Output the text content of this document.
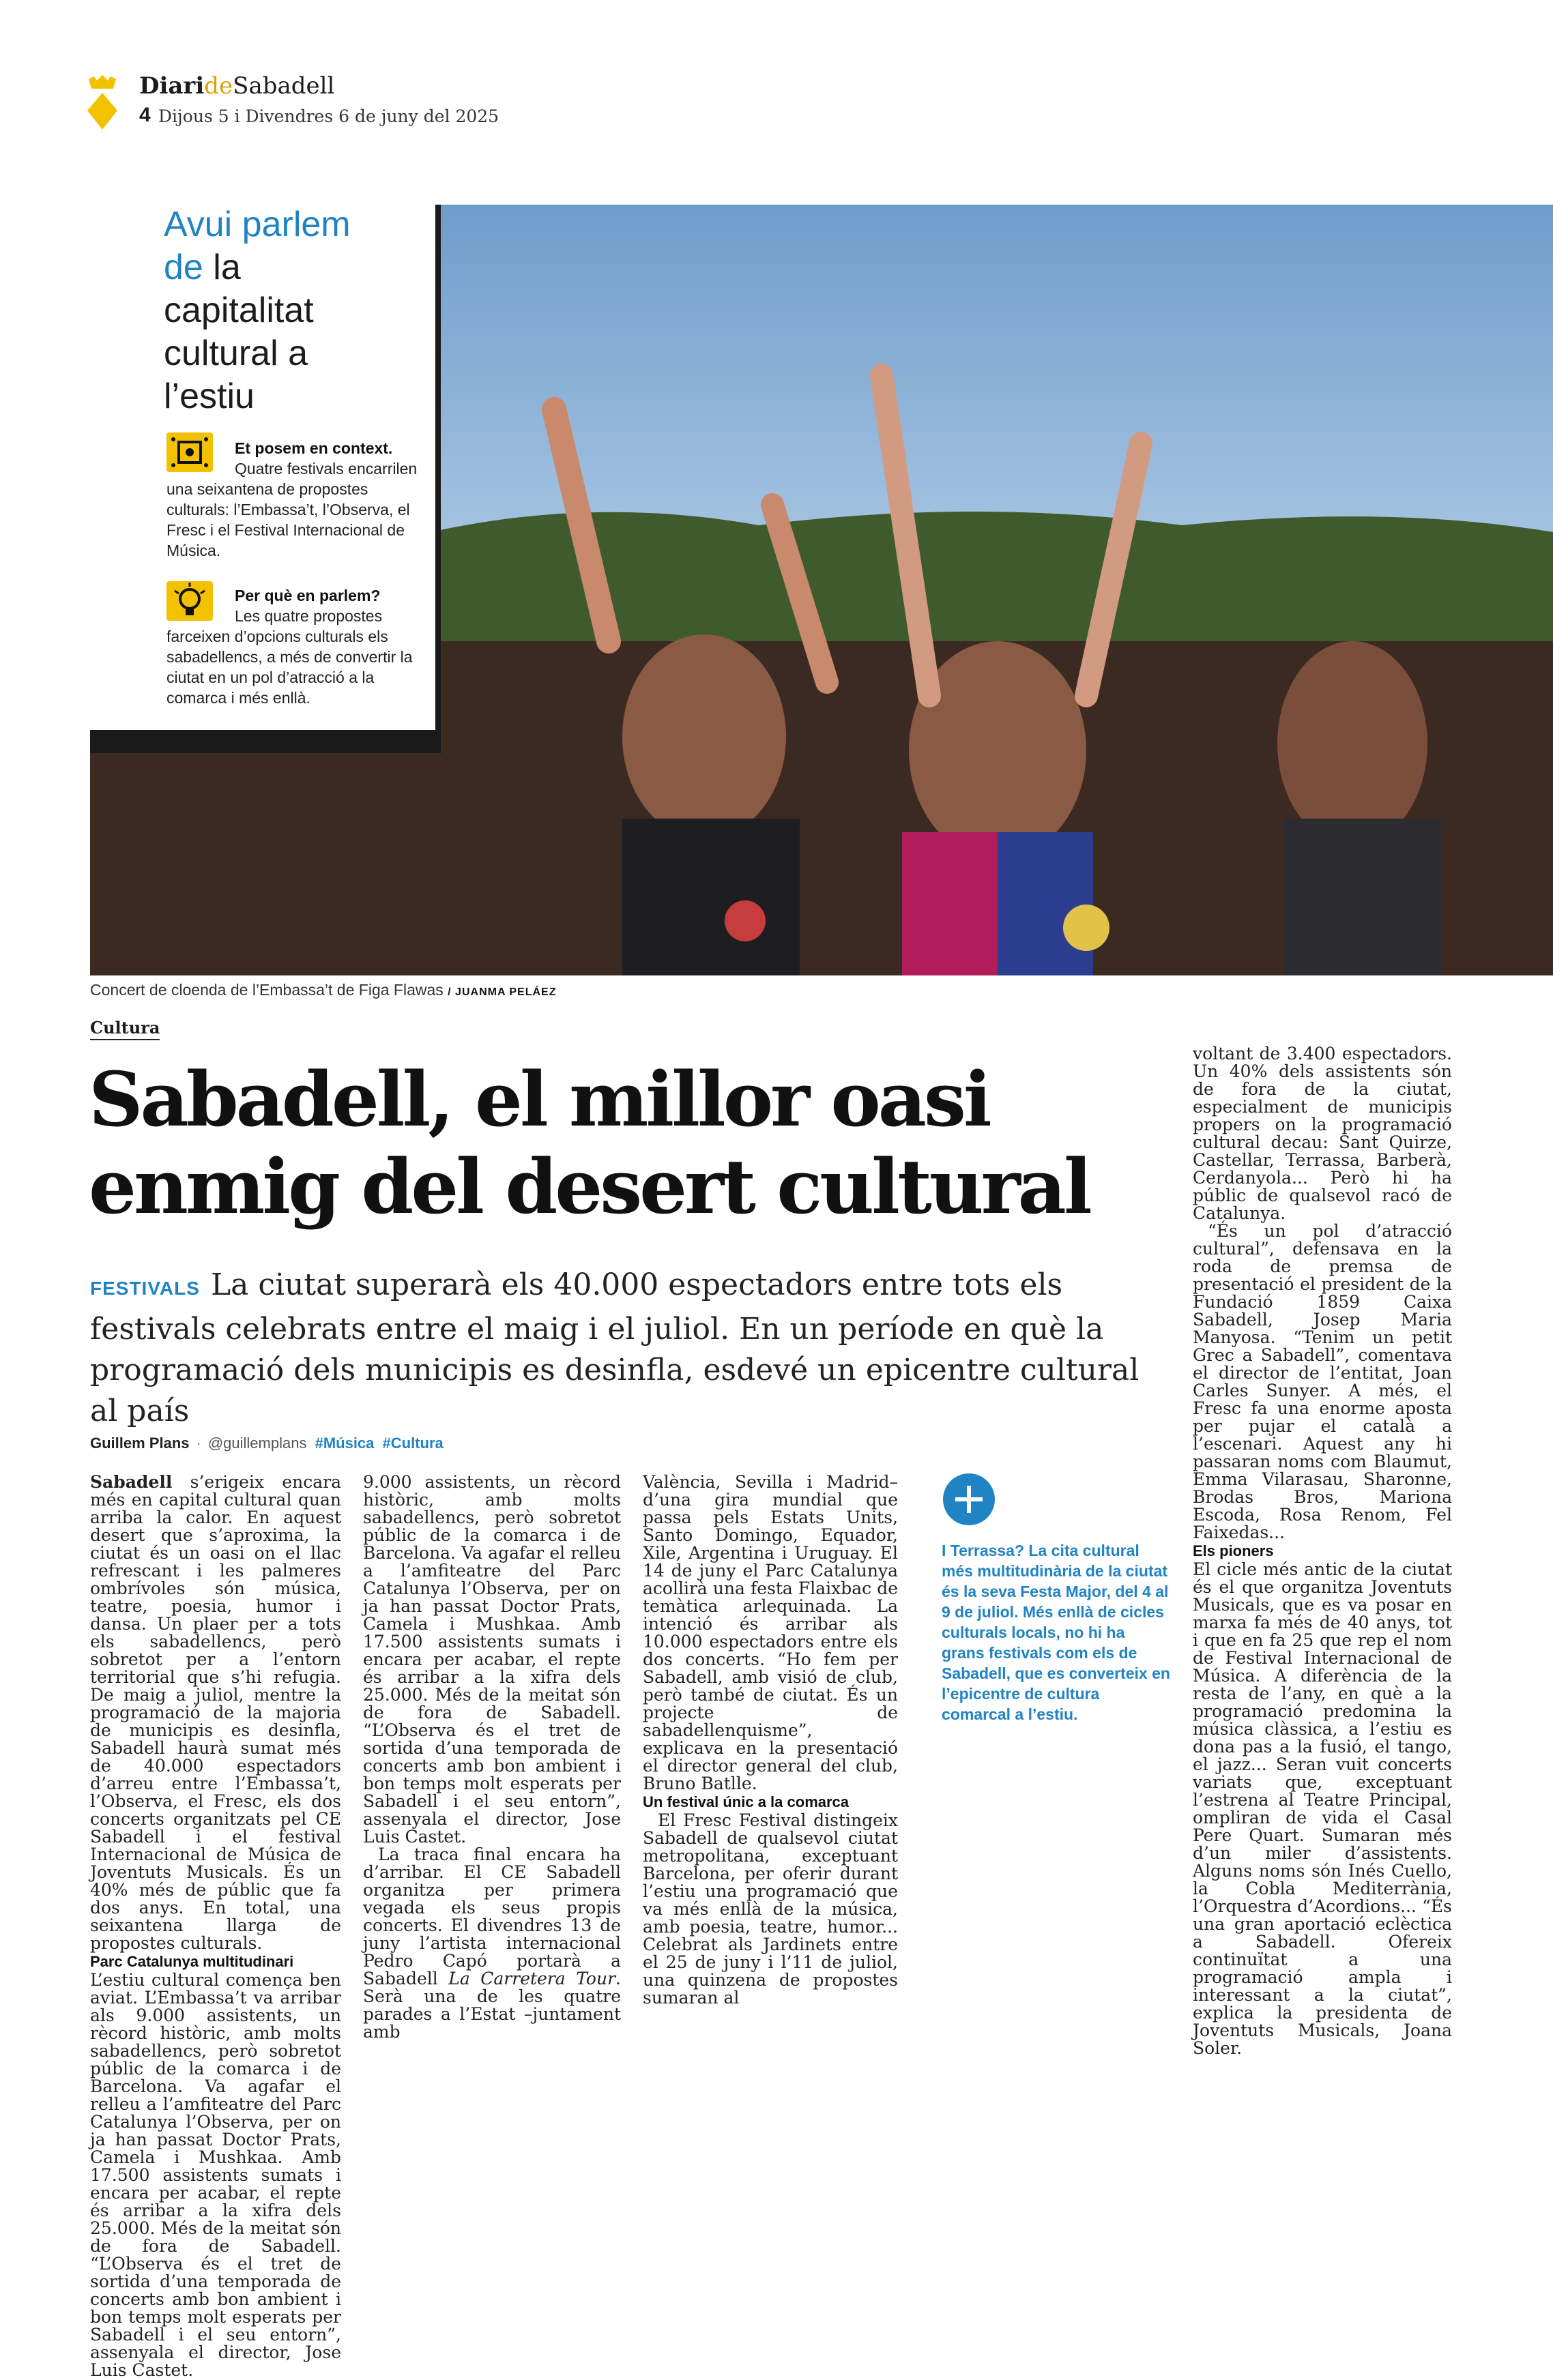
DiarideSabadell
4 Dijous 5 i Divendres 6 de juny del 2025
Avui parlem
de la
capitalitat
cultural a
l’estiu
Et posem en context. Quatre festivals encarrilen una seixantena de propostes culturals: l’Embassa’t, l’Observa, el Fresc i el Festival Internacional de Música.
Per què en parlem? Les quatre propostes farceixen d’opcions culturals els sabadellencs, a més de convertir la ciutat en un pol d’atracció a la comarca i més enllà.
Concert de cloenda de l’Embassa’t de Figa Flawas / JUANMA PELÁEZ
Cultura
Sabadell, el millor oasi
enmig del desert cultural
FESTIVALS La ciutat superarà els 40.000 espectadors entre tots els festivals celebrats entre el maig i el juliol. En un període en què la programació dels municipis es desinfla, esdevé un epicentre cultural al país
Guillem Plans · @guillemplans #Música #Cultura

Sabadell s’erigeix encara més en capital cultural quan arriba la calor. En aquest desert que s’aproxima, la ciutat és un oasi on el llac refrescant i les palmeres ombrívoles són música, teatre, poesia, humor i dansa. Un plaer per a tots els sabadellencs, però sobretot per a l’entorn territorial que s’hi refugia. De maig a juliol, mentre la programació de la majoria de municipis es desinfla, Sabadell haurà sumat més de 40.000 espectadors d’arreu entre l’Embassa’t, l’Observa, el Fresc, els dos concerts organitzats pel CE Sabadell i el festival Internacional de Música de Joventuts Musicals. És un 40% més de públic que fa dos anys. En total, una seixantena llarga de propostes culturals.

Parc Catalunya multitudinari

L’estiu cultural comença ben aviat. L’Embassa’t va arribar als 9.000 assistents, un rècord històric, amb molts sabadellencs, però sobretot públic de la comarca i de Barcelona. Va agafar el relleu a l’amfiteatre del Parc Catalunya l’Observa, per on ja han passat Doctor Prats, Camela i Mushkaa. Amb 17.500 assistents sumats i encara per acabar, el repte és arribar a la xifra dels 25.000. Més de la meitat són de fora de Sabadell. “L’Observa és el tret de sortida d’una temporada de concerts amb bon ambient i bon temps molt esperats per Sabadell i el seu entorn”, assenyala el director, Jose Luis Castet.

9.000 assistents, un rècord històric, amb molts sabadellencs, però sobretot públic de la comarca i de Barcelona. Va agafar el relleu a l’amfiteatre del Parc Catalunya l’Observa, per on ja han passat Doctor Prats, Camela i Mushkaa. Amb 17.500 assistents sumats i encara per acabar, el repte és arribar a la xifra dels 25.000. Més de la meitat són de fora de Sabadell. “L’Observa és el tret de sortida d’una temporada de concerts amb bon ambient i bon temps molt esperats per Sabadell i el seu entorn”, assenyala el director, Jose Luis Castet.

La traca final encara ha d’arribar. El CE Sabadell organitza per primera vegada els seus propis concerts. El divendres 13 de juny l’artista internacional Pedro Capó portarà a Sabadell La Carretera Tour. Serà una de les quatre parades a l’Estat –juntament amb

València, Sevilla i Madrid– d’una gira mundial que passa pels Estats Units, Santo Domingo, Equador, Xile, Argentina i Uruguay. El 14 de juny el Parc Catalunya acollirà una festa Flaixbac de temàtica arlequinada. La intenció és arribar als 10.000 espectadors entre els dos concerts. “Ho fem per Sabadell, amb visió de club, però també de ciutat. És un projecte de sabadellenquisme”, explicava en la presentació el director general del club, Bruno Batlle.

Un festival únic a la comarca

El Fresc Festival distingeix Sabadell de qualsevol ciutat metropolitana, exceptuant Barcelona, per oferir durant l’estiu una programació que va més enllà de la música, amb poesia, teatre, humor... Celebrat als Jardinets entre el 25 de juny i l’11 de juliol, una quinzena de propostes sumaran al

I Terrassa? La cita cultural més multitudinària de la ciutat és la seva Festa Major, del 4 al 9 de juliol. Més enllà de cicles culturals locals, no hi ha grans festivals com els de Sabadell, que es converteix en l’epicentre de cultura comarcal a l’estiu.

voltant de 3.400 espectadors. Un 40% dels assistents són de fora de la ciutat, especialment de municipis propers on la programació cultural decau: Sant Quirze, Castellar, Terrassa, Barberà, Cerdanyola... Però hi ha públic de qualsevol racó de Catalunya.

“És un pol d’atracció cultural”, defensava en la roda de premsa de presentació el president de la Fundació 1859 Caixa Sabadell, Josep Maria Manyosa. “Tenim un petit Grec a Sabadell”, comentava el director de l’entitat, Joan Carles Sunyer. A més, el Fresc fa una enorme aposta per pujar el català a l’escenari. Aquest any hi passaran noms com Blaumut, Emma Vilarasau, Sharonne, Brodas Bros, Mariona Escoda, Rosa Renom, Fel Faixedas...

Els pioners

El cicle més antic de la ciutat és el que organitza Joventuts Musicals, que es va posar en marxa fa més de 40 anys, tot i que en fa 25 que rep el nom de Festival Internacional de Música. A diferència de la resta de l’any, en què a la programació predomina la música clàssica, a l’estiu es dona pas a la fusió, el tango, el jazz... Seran vuit concerts variats que, exceptuant l’estrena al Teatre Principal, ompliran de vida el Casal Pere Quart. Sumaran més d’un miler d’assistents. Alguns noms són Inés Cuello, la Cobla Mediterrània, l’Orquestra d’Acordions... “És una gran aportació eclèctica a Sabadell. Ofereix continuïtat a una programació ampla i interessant a la ciutat”, explica la presidenta de Joventuts Musicals, Joana Soler.
